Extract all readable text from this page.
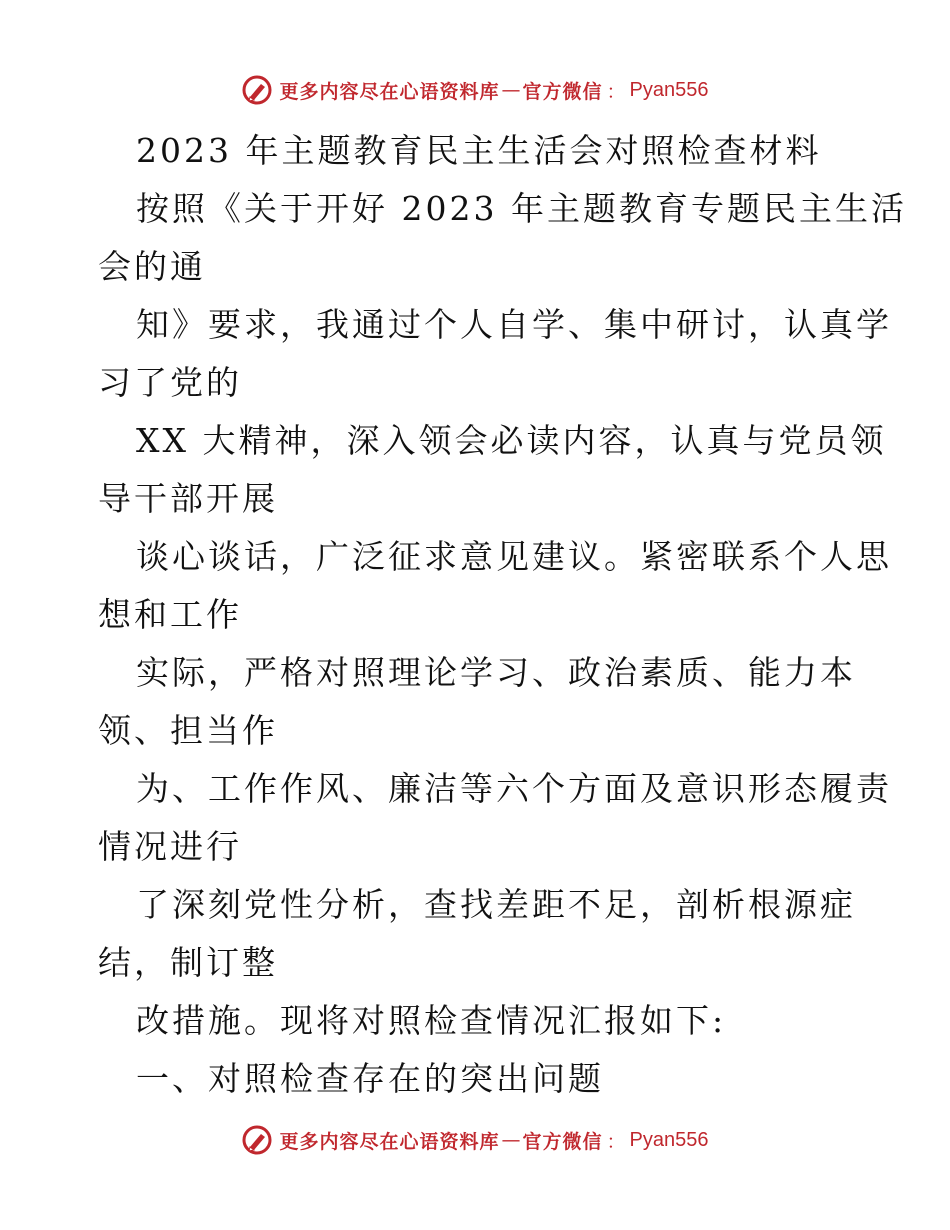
更多内容尽在心语资料库 — 官方微信 ： Pyan556
2023 年主题教育民主生活会对照检查材料
按照《关于开好 2023 年主题教育专题民主生活
会的通
知》要求，我通过个人自学、集中研讨，认真学
习了党的
XX 大精神，深入领会必读内容，认真与党员领
导干部开展
谈心谈话，广泛征求意见建议。紧密联系个人思
想和工作
实际，严格对照理论学习、政治素质、能力本
领、担当作
为、工作作风、廉洁等六个方面及意识形态履责
情况进行
了深刻党性分析，查找差距不足，剖析根源症
结，制订整
改措施。现将对照检查情况汇报如下:
一、对照检查存在的突出问题
更多内容尽在心语资料库 — 官方微信 ： Pyan556
